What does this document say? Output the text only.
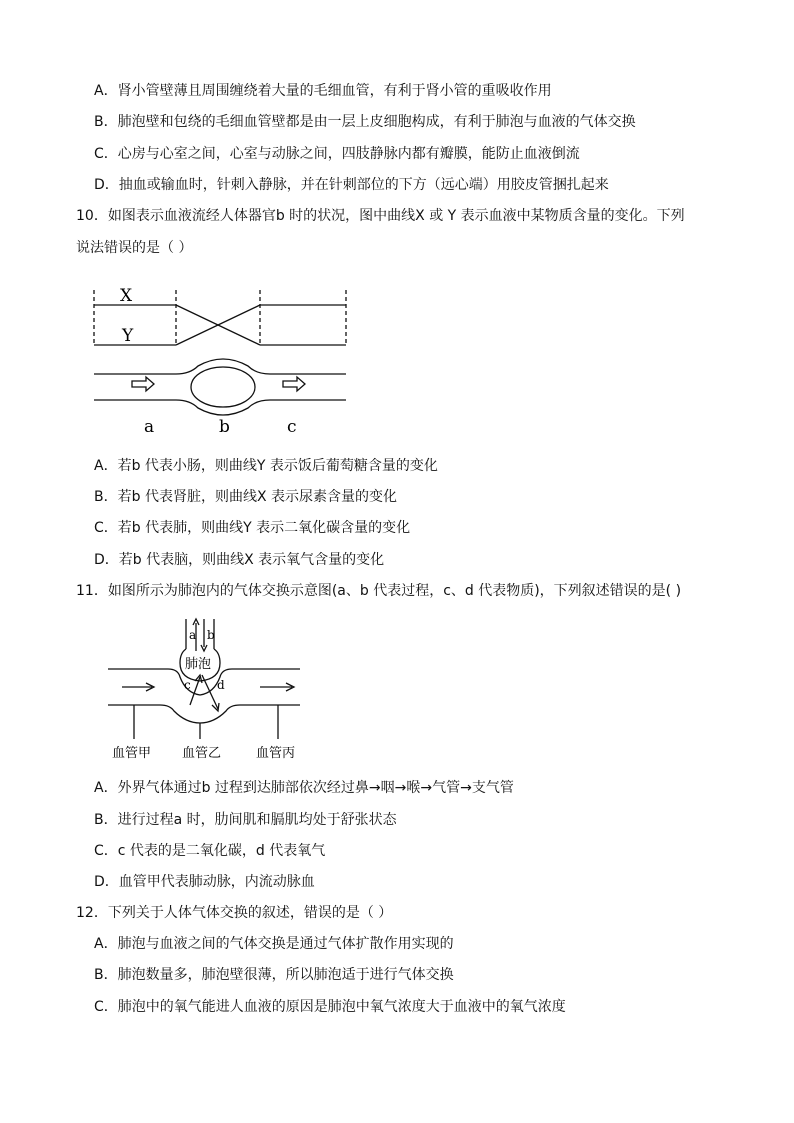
A．肾小管壁薄且周围缠绕着大量的毛细血管，有利于肾小管的重吸收作用
B．肺泡壁和包绕的毛细血管壁都是由一层上皮细胞构成，有利于肺泡与血液的气体交换
C．心房与心室之间，心室与动脉之间，四肢静脉内都有瓣膜，能防止血液倒流
D．抽血或输血时，针刺入静脉，并在针刺部位的下方（远心端）用胶皮管捆扎起来
10．如图表示血液流经人体器官b 时的状况，图中曲线X 或 Y 表示血液中某物质含量的变化。下列
说法错误的是（ ）
X
Y
a	b	c
A．若b 代表小肠，则曲线Y 表示饭后葡萄糖含量的变化
B．若b 代表肾脏，则曲线X 表示尿素含量的变化
C．若b 代表肺，则曲线Y 表示二氧化碳含量的变化
D．若b 代表脑，则曲线X 表示氧气含量的变化
11．如图所示为肺泡内的气体交换示意图(a、b 代表过程，c、d 代表物质)，下列叙述错误的是( )
a b
肺泡
c d
血管甲 血管乙	血管丙
A．外界气体通过b 过程到达肺部依次经过鼻→咽→喉→气管→支气管
B．进行过程a 时，肋间肌和膈肌均处于舒张状态
C．c 代表的是二氧化碳，d 代表氧气
D．血管甲代表肺动脉，内流动脉血
12．下列关于人体气体交换的叙述，错误的是（ ）
A．肺泡与血液之间的气体交换是通过气体扩散作用实现的
B．肺泡数量多，肺泡壁很薄，所以肺泡适于进行气体交换
C．肺泡中的氧气能进人血液的原因是肺泡中氧气浓度大于血液中的氧气浓度
